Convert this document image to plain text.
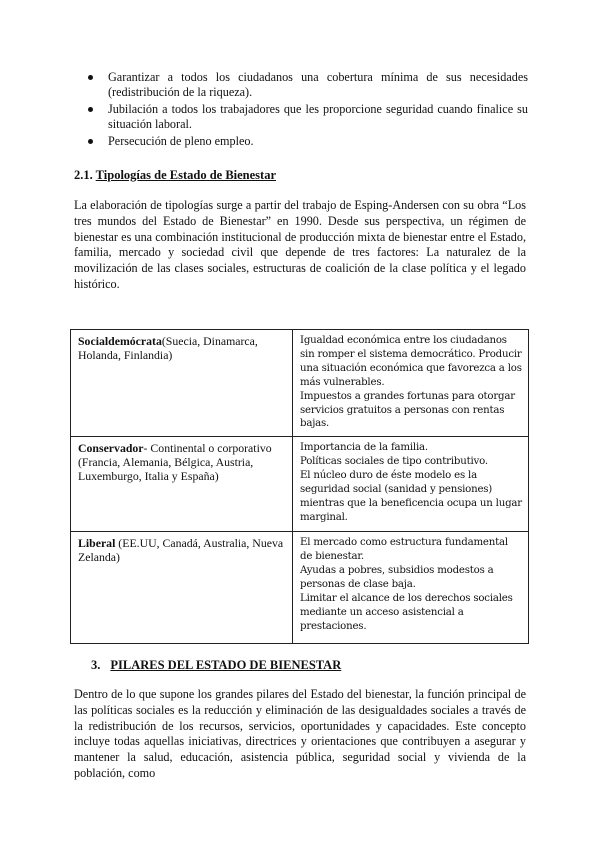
Garantizar a todos los ciudadanos una cobertura mínima de sus necesidades (redistribución de la riqueza).
Jubilación a todos los trabajadores que les proporcione seguridad cuando finalice su situación laboral.
Persecución de pleno empleo.
2.1. Tipologías de Estado de Bienestar

La elaboración de tipologías surge a partir del trabajo de Esping-Andersen con su obra “Los tres mundos del Estado de Bienestar” en 1990. Desde sus perspectiva, un régimen de bienestar es una combinación institucional de producción mixta de bienestar entre el Estado, familia, mercado y sociedad civil que depende de tres factores: La naturalez de la movilización de las clases sociales, estructuras de coalición de la clase política y el legado histórico.

Socialdemócrata(Suecia, Dinamarca, Holanda, Finlandia)	Igualdad económica entre los ciudadanos sin romper el sistema democrático. Producir una situación económica que favorezca a los más vulnerables.
Impuestos a grandes fortunas para otorgar servicios gratuitos a personas con rentas bajas.

Conservador- Continental o corporativo (Francia, Alemania, Bélgica, Austria, Luxemburgo, Italia y España)	Importancia de la familia.
Políticas sociales de tipo contributivo.
El núcleo duro de éste modelo es la seguridad social (sanidad y pensiones) mientras que la beneficencia ocupa un lugar marginal.

Liberal (EE.UU, Canadá, Australia, Nueva Zelanda)	El mercado como estructura fundamental de bienestar.
Ayudas a pobres, subsidios modestos a personas de clase baja.
Limitar el alcance de los derechos sociales mediante un acceso asistencial a prestaciones.
3. PILARES DEL ESTADO DE BIENESTAR

Dentro de lo que supone los grandes pilares del Estado del bienestar, la función principal de las políticas sociales es la reducción y eliminación de las desigualdades sociales a través de la redistribución de los recursos, servicios, oportunidades y capacidades. Este concepto incluye todas aquellas iniciativas, directrices y orientaciones que contribuyen a asegurar y mantener la salud, educación, asistencia pública, seguridad social y vivienda de la población, como
